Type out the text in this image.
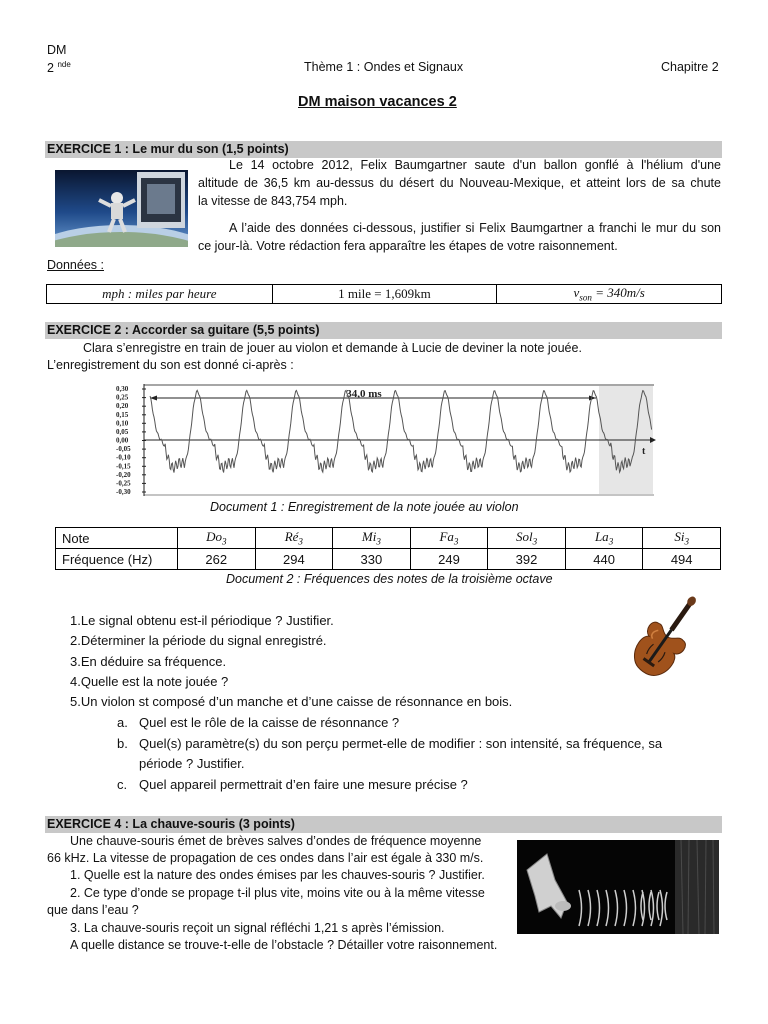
DM
2 $^{nde}$	Thème 1 : Ondes et Signaux	Chapitre 2
DM maison vacances 2
EXERCICE 1 : Le mur du son (1,5 points)
Le 14 octobre 2012, Felix Baumgartner saute d'un ballon gonflé à l'hélium d'une
altitude de 36,5 km au-dessus du désert du Nouveau-Mexique, et atteint lors de sa chute
la vitesse de 843,754 mph.
A l’aide des données ci-dessous, justifier si Felix Baumgartner a franchi le mur du son
ce jour-là. Votre rédaction fera apparaître les étapes de votre raisonnement.
Données :
mph : miles par heure	1 mile = 1,609km	$v_{son} = 340m/s$
EXERCICE 2 : Accorder sa guitare (5,5 points)
Clara s’enregistre en train de jouer au violon et demande à Lucie de deviner la note jouée.
L’enregistrement du son est donné ci-après :
0,30
0,25
0,20
0,15
0,10
0,05
0,00
-0,05
-0,10
-0,15
-0,20
-0,25
-0,30
34,0 ms
t
Document 1 : Enregistrement de la note jouée au violon
Note	$Do_3$	$Ré_3$	$Mi_3$	$Fa_3$	Sol$_3$	$La_3$	$Si_3$
Fréquence (Hz)	262	294	330	249	392	440	494
Document 2 : Fréquences des notes de la troisième octave
1.Le signal obtenu est-il périodique ? Justifier.
2.Déterminer la période du signal enregistré.
3.En déduire sa fréquence.
4.Quelle est la note jouée ?
5.Un violon st composé d’un manche et d’une caisse de résonnance en bois.
a. Quel est le rôle de la caisse de résonnance ?
b. Quel(s) paramètre(s) du son perçu permet-elle de modifier : son intensité, sa fréquence, sa
période ? Justifier.
c. Quel appareil permettrait d’en faire une mesure précise ?
EXERCICE 4 : La chauve-souris (3 points)
Une chauve-souris émet de brèves salves d’ondes de fréquence moyenne
66 kHz. La vitesse de propagation de ces ondes dans l’air est égale à 330 m/s.
1. Quelle est la nature des ondes émises par les chauves-souris ? Justifier.
2. Ce type d’onde se propage t-il plus vite, moins vite ou à la même vitesse
que dans l’eau ?
3. La chauve-souris reçoit un signal réfléchi 1,21 s après l’émission.
A quelle distance se trouve-t-elle de l’obstacle ? Détailler votre raisonnement.
